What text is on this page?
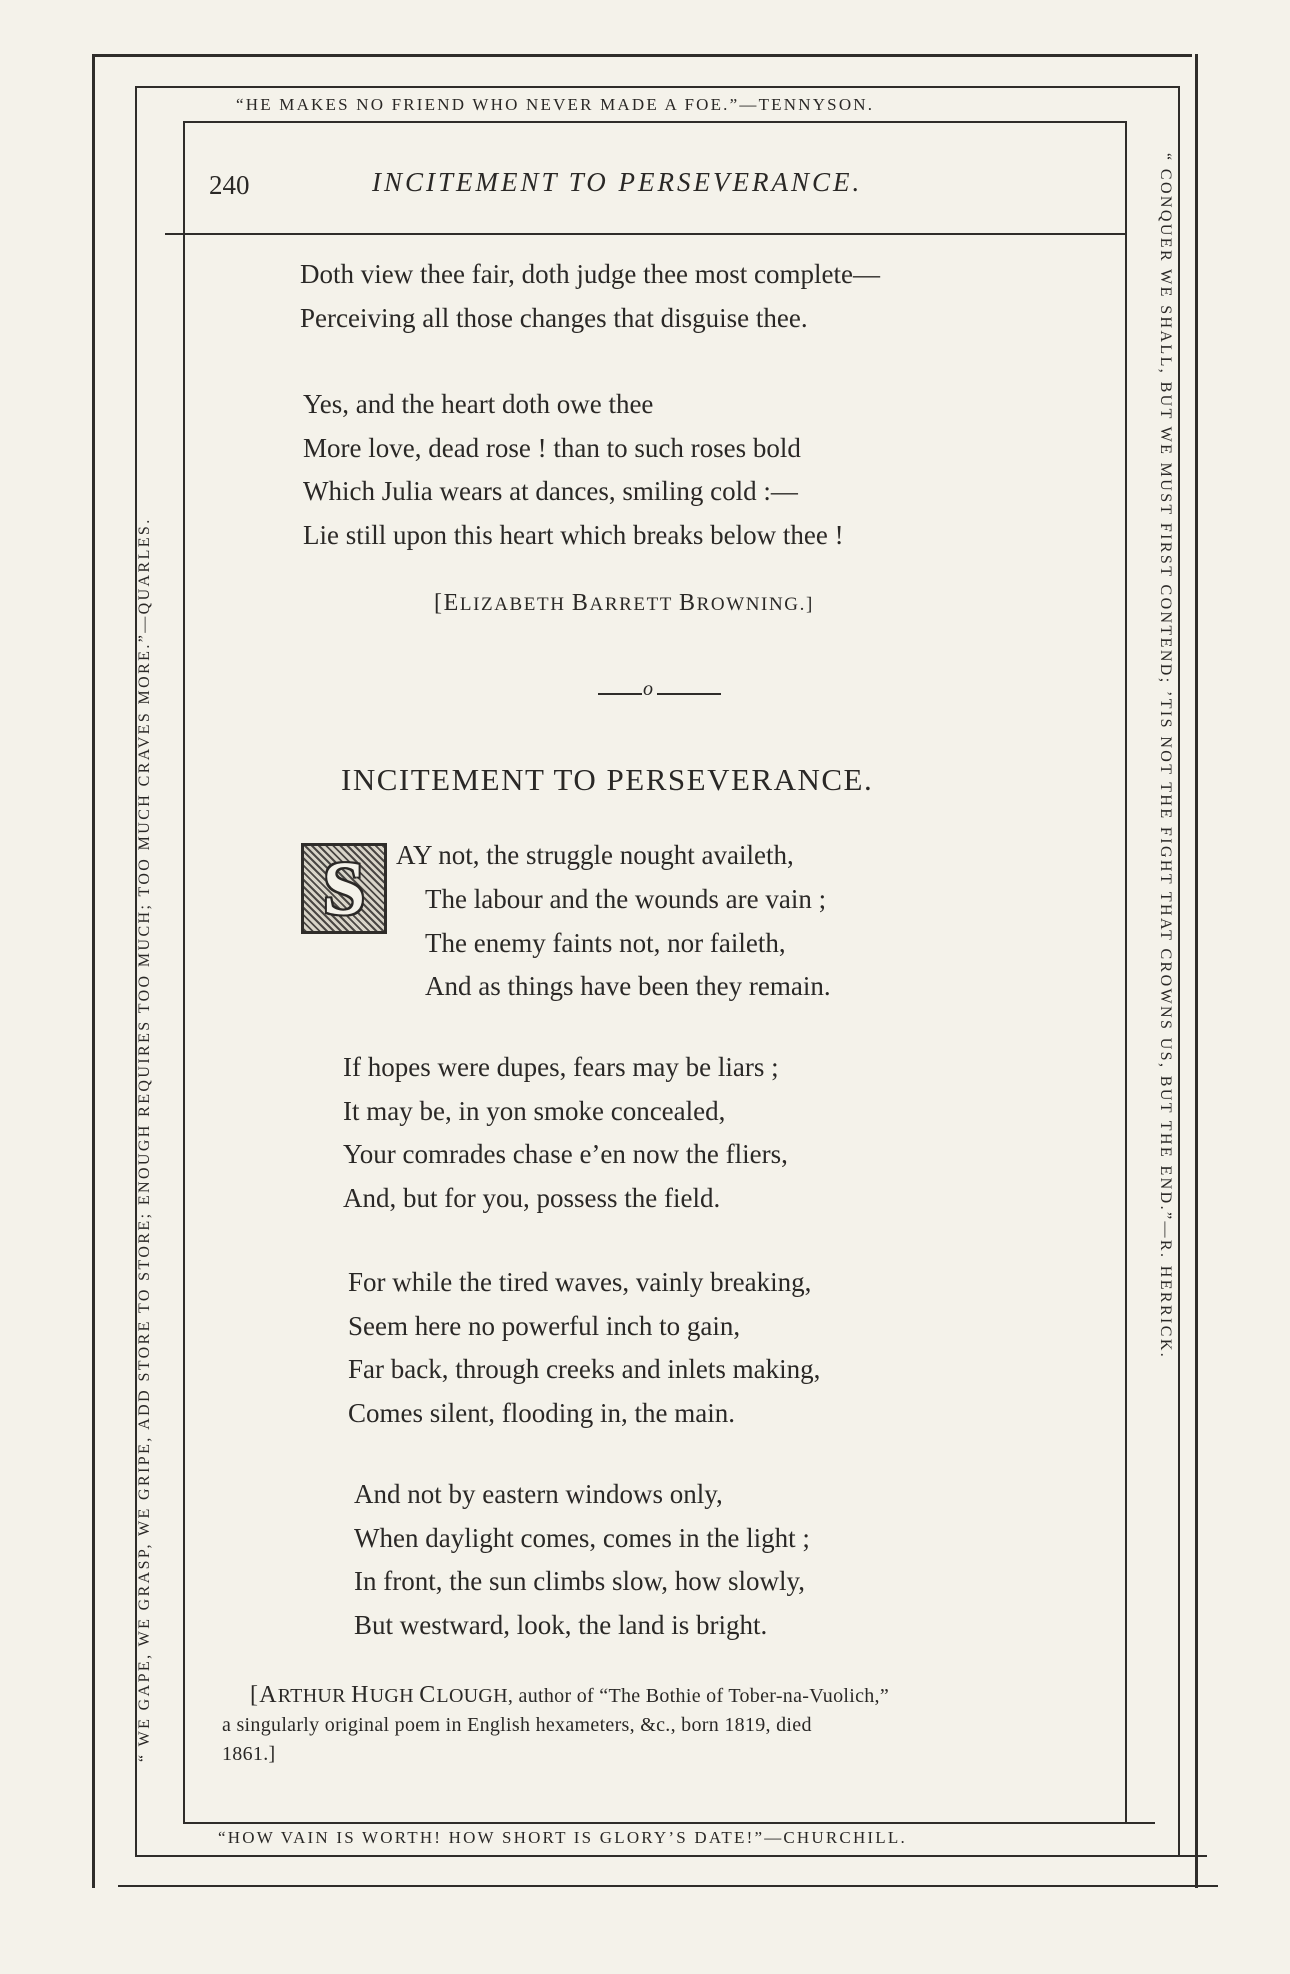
“HE MAKES NO FRIEND WHO NEVER MADE A FOE.”—TENNYSON.
“HOW VAIN IS WORTH! HOW SHORT IS GLORY’S DATE!”—CHURCHILL.
“ WE GAPE, WE GRASP, WE GRIPE, ADD STORE TO STORE; ENOUGH REQUIRES TOO MUCH; TOO MUCH CRAVES MORE.”—QUARLES.	“ CONQUER WE SHALL, BUT WE MUST FIRST CONTEND; ’TIS NOT THE FIGHT THAT CROWNS US, BUT THE END.”—R. HERRICK.
240	INCITEMENT TO PERSEVERANCE.
Doth view thee fair, doth judge thee most complete—
Perceiving all those changes that disguise thee.
Yes, and the heart doth owe thee
More love, dead rose ! than to such roses bold
Which Julia wears at dances, smiling cold :—
Lie still upon this heart which breaks below thee !
[ELIZABETH BARRETT BROWNING.]
o
INCITEMENT TO PERSEVERANCE.
S AY not, the struggle nought availeth,
The labour and the wounds are vain ;
The enemy faints not, nor faileth,
And as things have been they remain.
If hopes were dupes, fears may be liars ;
It may be, in yon smoke concealed,
Your comrades chase e’en now the fliers,
And, but for you, possess the field.
For while the tired waves, vainly breaking,
Seem here no powerful inch to gain,
Far back, through creeks and inlets making,
Comes silent, flooding in, the main.
And not by eastern windows only,
When daylight comes, comes in the light ;
In front, the sun climbs slow, how slowly,
But westward, look, the land is bright.
[ARTHUR HUGH CLOUGH, author of “The Bothie of Tober-na-Vuolich,”
a singularly original poem in English hexameters, &c., born 1819, died
1861.]
